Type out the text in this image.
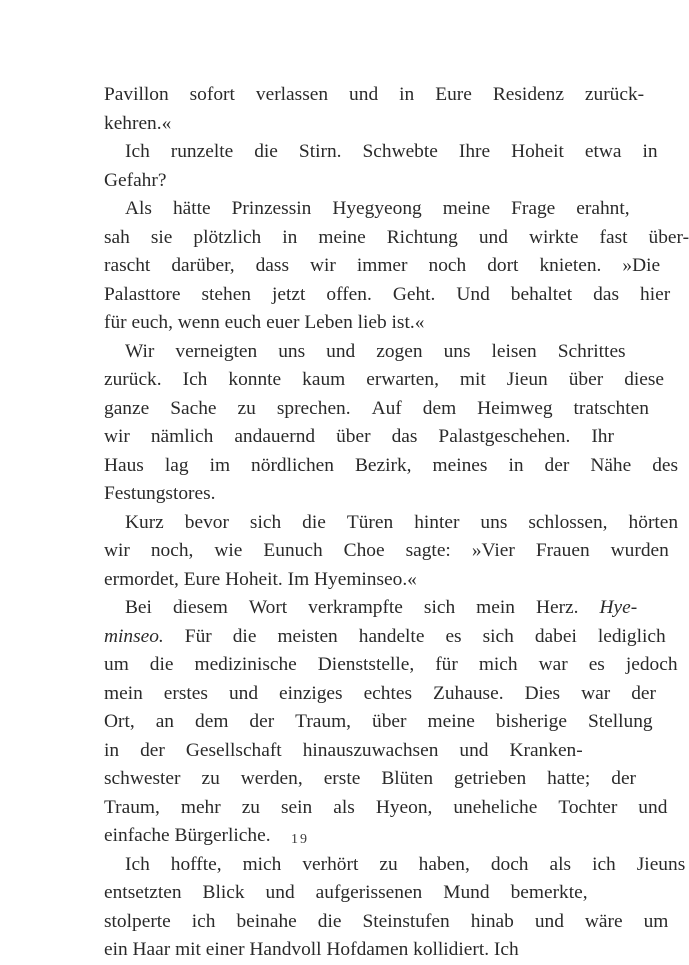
Pavillon	sofort	verlassen	und	in	Eure	Residenz	zurück-
kehren.«
Ich	runzelte	die	Stirn.	Schwebte	Ihre	Hoheit	etwa	in
Gefahr?
Als	hätte	Prinzessin	Hyegyeong	meine	Frage	erahnt,
sah	sie	plötzlich	in	meine	Richtung	und	wirkte	fast	über-
rascht	darüber,	dass	wir	immer	noch	dort	knieten.	»Die
Palasttore	stehen	jetzt	offen.	Geht.	Und	behaltet	das	hier
für euch, wenn euch euer Leben lieb ist.«
Wir	verneigten	uns	und	zogen	uns	leisen	Schrittes
zurück.	Ich	konnte	kaum	erwarten,	mit	Jieun	über	diese
ganze	Sache	zu	sprechen.	Auf	dem	Heimweg	tratschten
wir	nämlich	andauernd	über	das	Palastgeschehen.	Ihr
Haus	lag	im	nördlichen	Bezirk,	meines	in	der	Nähe	des
Festungstores.
Kurz	bevor	sich	die	Türen	hinter	uns	schlossen,	hörten
wir	noch,	wie	Eunuch	Choe	sagte:	»Vier	Frauen	wurden
ermordet, Eure Hoheit. Im Hyeminseo.«
Bei	diesem	Wort	verkrampfte	sich	mein	Herz.	Hye-
minseo.	Für	die	meisten	handelte	es	sich	dabei	lediglich
um	die	medizinische	Dienststelle,	für	mich	war	es	jedoch
mein	erstes	und	einziges	echtes	Zuhause.	Dies	war	der
Ort,	an	dem	der	Traum,	über	meine	bisherige	Stellung
in	der	Gesellschaft	hinauszuwachsen	und	Kranken-
schwester	zu	werden,	erste	Blüten	getrieben	hatte;	der
Traum,	mehr	zu	sein	als	Hyeon,	uneheliche	Tochter	und
einfache Bürgerliche.
Ich	hoffte,	mich	verhört	zu	haben,	doch	als	ich	Jieuns
entsetzten	Blick	und	aufgerissenen	Mund	bemerkte,
stolperte	ich	beinahe	die	Steinstufen	hinab	und	wäre	um
ein Haar mit einer Handvoll Hofdamen kollidiert. Ich
19
